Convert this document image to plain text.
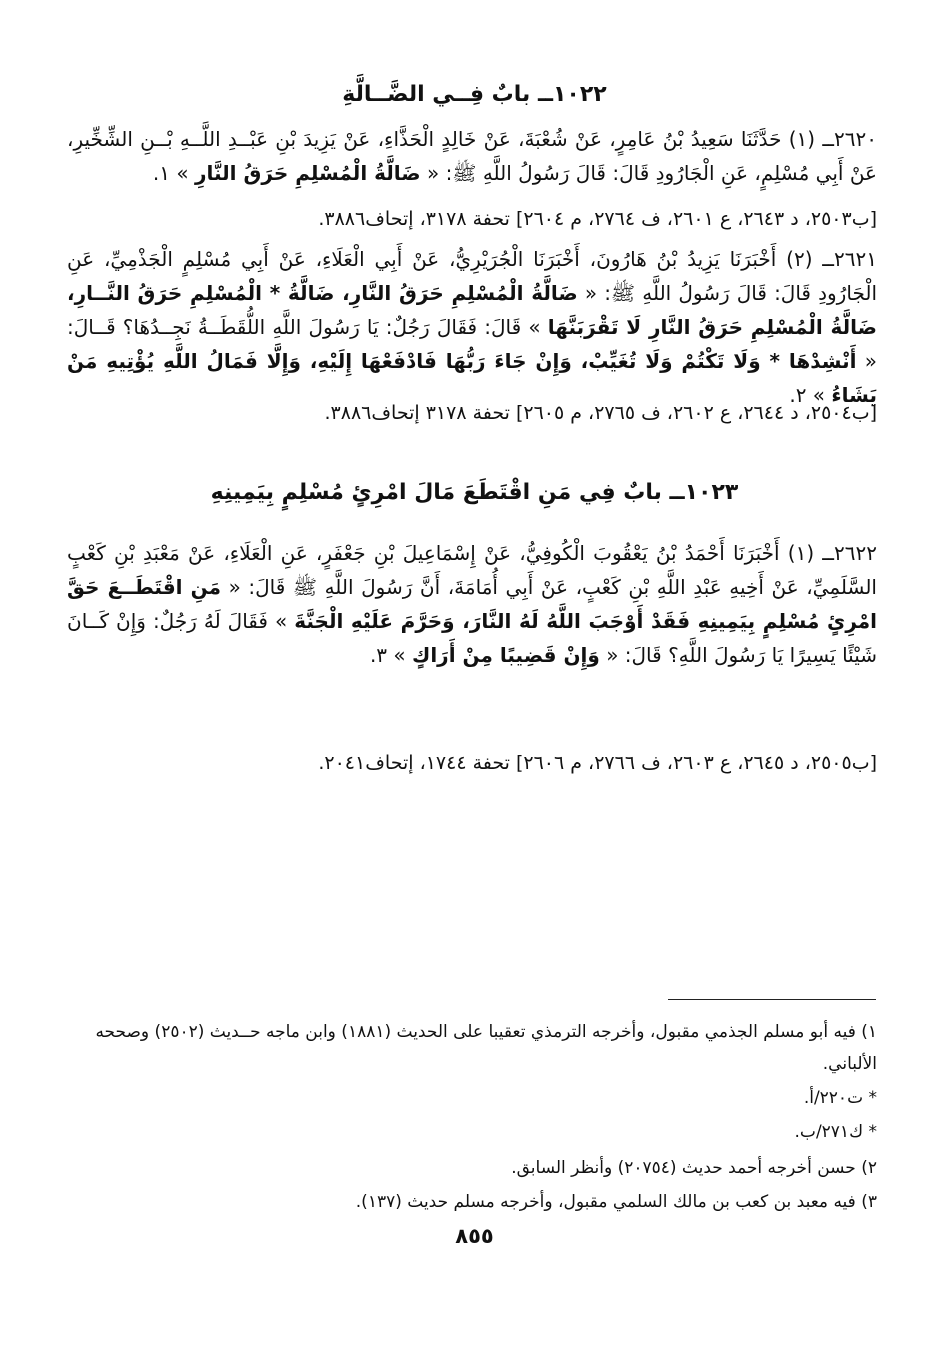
١٠٢٢ــ بابٌ فِــي الضَّــالَّةِ
٢٦٢٠ــ (١) حَدَّثَنَا سَعِيدُ بْنُ عَامِرٍ، عَنْ شُعْبَةَ، عَنْ خَالِدٍ الْحَذَّاءِ، عَنْ يَزِيدَ بْنِ عَبْــدِ اللَّــهِ بْــنِ الشِّخِّيرِ، عَنْ أَبِي مُسْلِمٍ، عَنِ الْجَارُودِ قَالَ: قَالَ رَسُولُ اللَّهِ ﷺ: « ضَالَّةُ الْمُسْلِمِ حَرَقُ النَّارِ » ١.
[ب٢٥٠٣، د ٢٦٤٣، ع ٢٦٠١، ف ٢٧٦٤، م ٢٦٠٤] تحفة ٣١٧٨، إتحاف٣٨٨٦.
٢٦٢١ــ (٢) أَخْبَرَنَا يَزِيدُ بْنُ هَارُونَ، أَخْبَرَنَا الْجُرَيْرِيُّ، عَنْ أَبِي الْعَلَاءِ، عَنْ أَبِي مُسْلِمٍ الْجَذْمِيِّ، عَنِ الْجَارُودِ قَالَ: قَالَ رَسُولُ اللَّهِ ﷺ: « ضَالَّةُ الْمُسْلِمِ حَرَقُ النَّارِ، ضَالَّةُ * الْمُسْلِمِ حَرَقُ النَّــارِ، ضَالَّةُ الْمُسْلِمِ حَرَقُ النَّارِ لَا تَقْرَبَنَّهَا » قَالَ: فَقَالَ رَجُلٌ: يَا رَسُولَ اللَّهِ اللُّقَطَــةُ نَجِــدُهَا؟ قَــالَ: « أَنْشِدْهَا * وَلَا تَكْتُمْ وَلَا تُغَيِّبْ، وَإِنْ جَاءَ رَبُّهَا فَادْفَعْهَا إِلَيْهِ، وَإِلَّا فَمَالُ اللَّهِ يُؤْتِيهِ مَنْ يَشَاءُ » ٢.
[ب٢٥٠٤، د ٢٦٤٤، ع ٢٦٠٢، ف ٢٧٦٥، م ٢٦٠٥] تحفة ٣١٧٨ إتحاف٣٨٨٦.
١٠٢٣ــ بابٌ فِي مَنِ اقْتَطَعَ مَالَ امْرِئٍ مُسْلِمٍ بِيَمِينِهِ
٢٦٢٢ــ (١) أَخْبَرَنَا أَحْمَدُ بْنُ يَعْقُوبَ الْكُوفِيُّ، عَنْ إِسْمَاعِيلَ بْنِ جَعْفَرٍ، عَنِ الْعَلَاءِ، عَنْ مَعْبَدِ بْنِ كَعْبٍ السَّلَمِيِّ، عَنْ أَخِيهِ عَبْدِ اللَّهِ بْنِ كَعْبٍ، عَنْ أَبِي أُمَامَةَ، أَنَّ رَسُولَ اللَّهِ ﷺ قَالَ: « مَنِ اقْتَطَــعَ حَقَّ امْرِئٍ مُسْلِمٍ بِيَمِينِهِ فَقَدْ أَوْجَبَ اللَّهُ لَهُ النَّارَ، وَحَرَّمَ عَلَيْهِ الْجَنَّةَ » فَقَالَ لَهُ رَجُلٌ: وَإِنْ كَــانَ شَيْئًا يَسِيرًا يَا رَسُولَ اللَّهِ؟ قَالَ: « وَإِنْ قَضِيبًا مِنْ أَرَاكٍ » ٣.
[ب٢٥٠٥، د ٢٦٤٥، ع ٢٦٠٣، ف ٢٧٦٦، م ٢٦٠٦] تحفة ١٧٤٤، إتحاف٢٠٤١.
١) فيه أبو مسلم الجذمي مقبول، وأخرجه الترمذي تعقيبا على الحديث (١٨٨١) وابن ماجه حــديث (٢٥٠٢) وصححه الألباني.
* ت٢٢٠/أ.
* ك٢٧١/ب.
٢) حسن أخرجه أحمد حديث (٢٠٧٥٤) وأنظر السابق.
٣) فيه معبد بن كعب بن مالك السلمي مقبول، وأخرجه مسلم حديث (١٣٧).
٨٥٥
